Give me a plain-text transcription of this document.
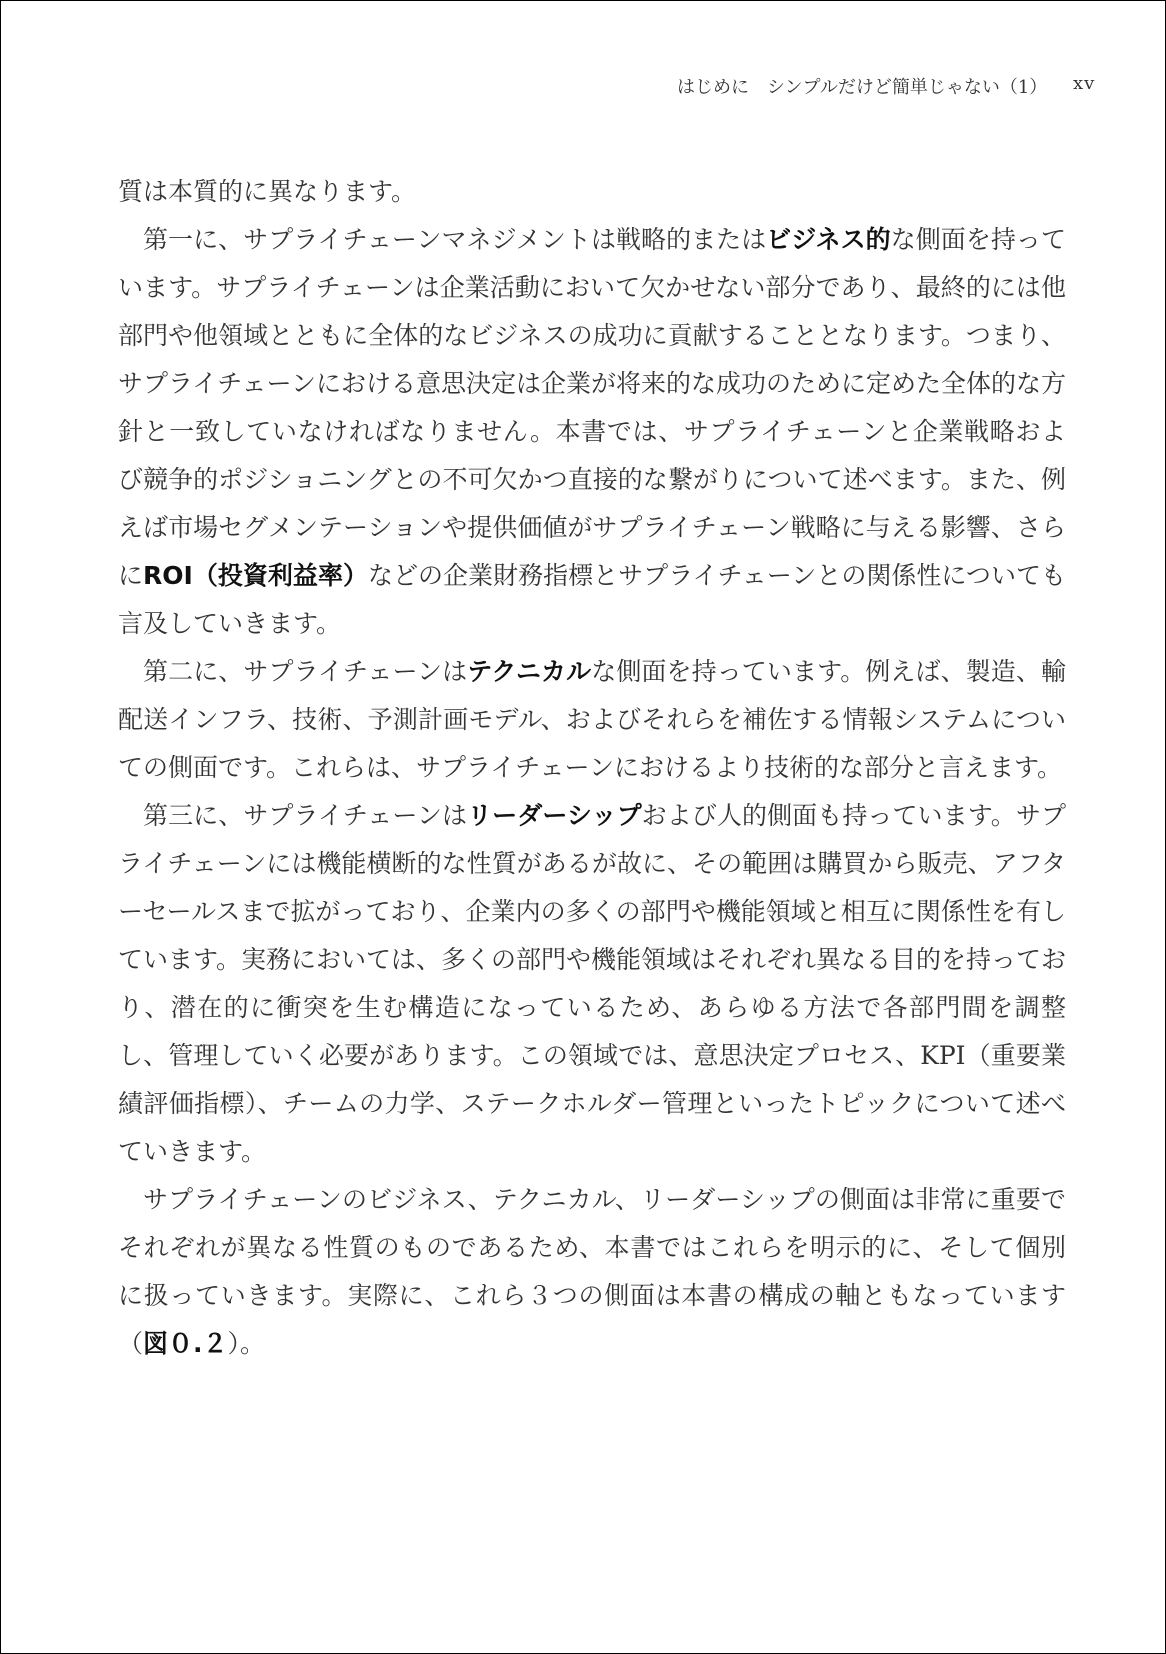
はじめに　シンプルだけど簡単じゃない（1） xv

質は本質的に異なります。

第一に、サプライチェーンマネジメントは戦略的またはビジネス的な側面を持っています。サプライチェーンは企業活動において欠かせない部分であり、最終的には他部門や他領域とともに全体的なビジネスの成功に貢献することとなります。つまり、サプライチェーンにおける意思決定は企業が将来的な成功のために定めた全体的な方針と一致していなければなりません。本書では、サプライチェーンと企業戦略および競争的ポジショニングとの不可欠かつ直接的な繋がりについて述べます。また、例えば市場セグメンテーションや提供価値がサプライチェーン戦略に与える影響、さらにROI（投資利益率）などの企業財務指標とサプライチェーンとの関係性についても言及していきます。

第二に、サプライチェーンはテクニカルな側面を持っています。例えば、製造、輸配送インフラ、技術、予測計画モデル、およびそれらを補佐する情報システムについての側面です。これらは、サプライチェーンにおけるより技術的な部分と言えます。

第三に、サプライチェーンはリーダーシップおよび人的側面も持っています。サプライチェーンには機能横断的な性質があるが故に、その範囲は購買から販売、アフターセールスまで拡がっており、企業内の多くの部門や機能領域と相互に関係性を有しています。実務においては、多くの部門や機能領域はそれぞれ異なる目的を持っており、潜在的に衝突を生む構造になっているため、あらゆる方法で各部門間を調整し、管理していく必要があります。この領域では、意思決定プロセス、KPI（重要業績評価指標）、チームの力学、ステークホルダー管理といったトピックについて述べていきます。

サプライチェーンのビジネス、テクニカル、リーダーシップの側面は非常に重要でそれぞれが異なる性質のものであるため、本書ではこれらを明示的に、そして個別に扱っていきます。実際に、これら３つの側面は本書の構成の軸ともなっています（図０.２）。
